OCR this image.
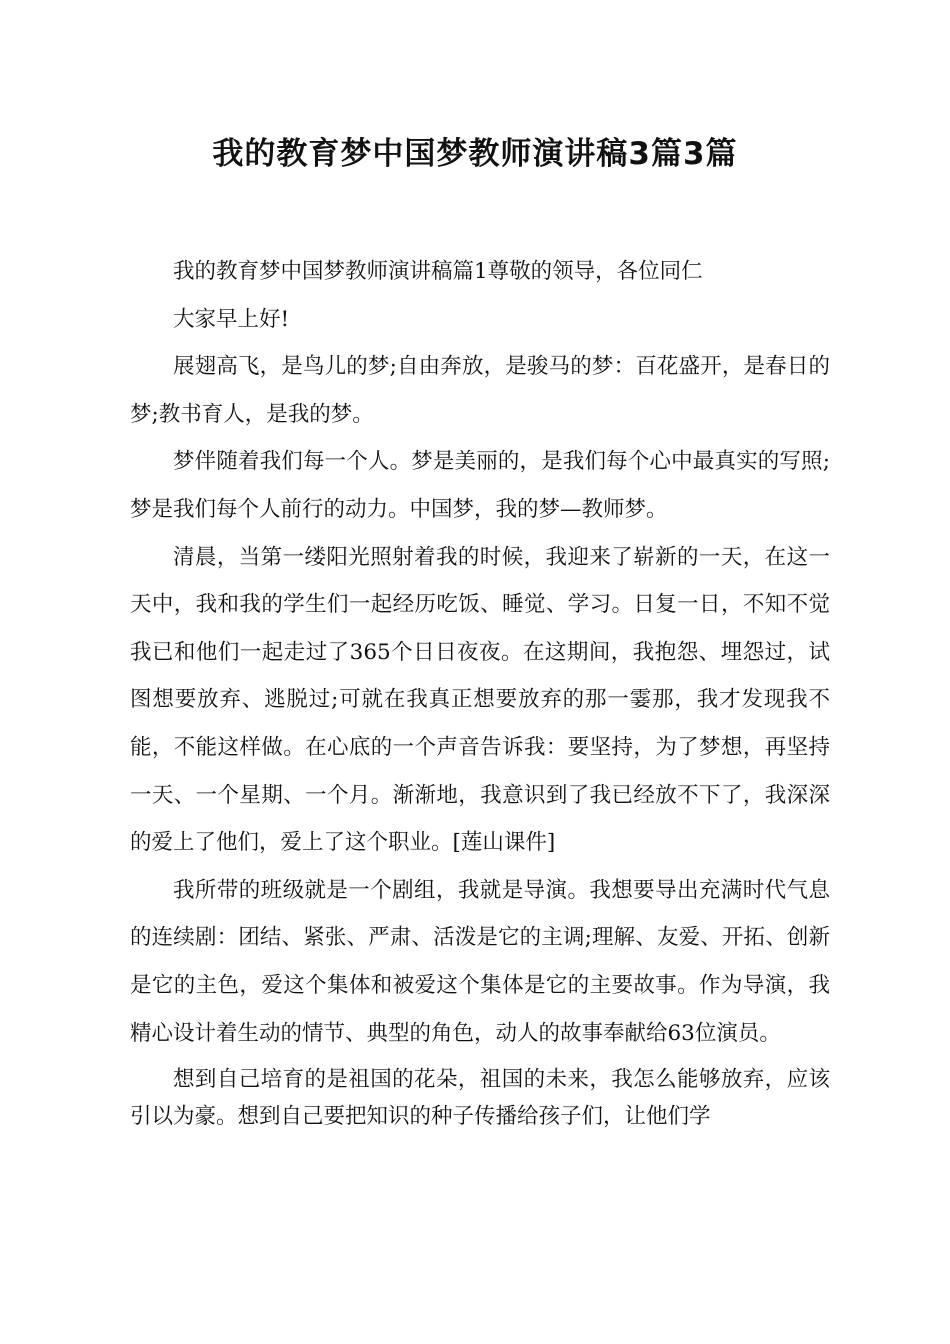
我的教育梦中国梦教师演讲稿3篇3篇

我的教育梦中国梦教师演讲稿篇1尊敬的领导，各位同仁

大家早上好!

展翅高飞，是鸟儿的梦;自由奔放，是骏马的梦：百花盛开，是春日的梦;教书育人，是我的梦。

梦伴随着我们每一个人。梦是美丽的，是我们每个心中最真实的写照;梦是我们每个人前行的动力。中国梦，我的梦—教师梦。

清晨，当第一缕阳光照射着我的时候，我迎来了崭新的一天，在这一天中，我和我的学生们一起经历吃饭、睡觉、学习。日复一日，不知不觉我已和他们一起走过了365个日日夜夜。在这期间，我抱怨、埋怨过，试图想要放弃、逃脱过;可就在我真正想要放弃的那一霎那，我才发现我不能，不能这样做。在心底的一个声音告诉我：要坚持，为了梦想，再坚持一天、一个星期、一个月。渐渐地，我意识到了我已经放不下了，我深深的爱上了他们，爱上了这个职业。[莲山课件]

我所带的班级就是一个剧组，我就是导演。我想要导出充满时代气息的连续剧：团结、紧张、严肃、活泼是它的主调;理解、友爱、开拓、创新是它的主色，爱这个集体和被爱这个集体是它的主要故事。作为导演，我精心设计着生动的情节、典型的角色，动人的故事奉献给63位演员。

想到自己培育的是祖国的花朵，祖国的未来，我怎么能够放弃，应该引以为豪。想到自己要把知识的种子传播给孩子们，让他们学
